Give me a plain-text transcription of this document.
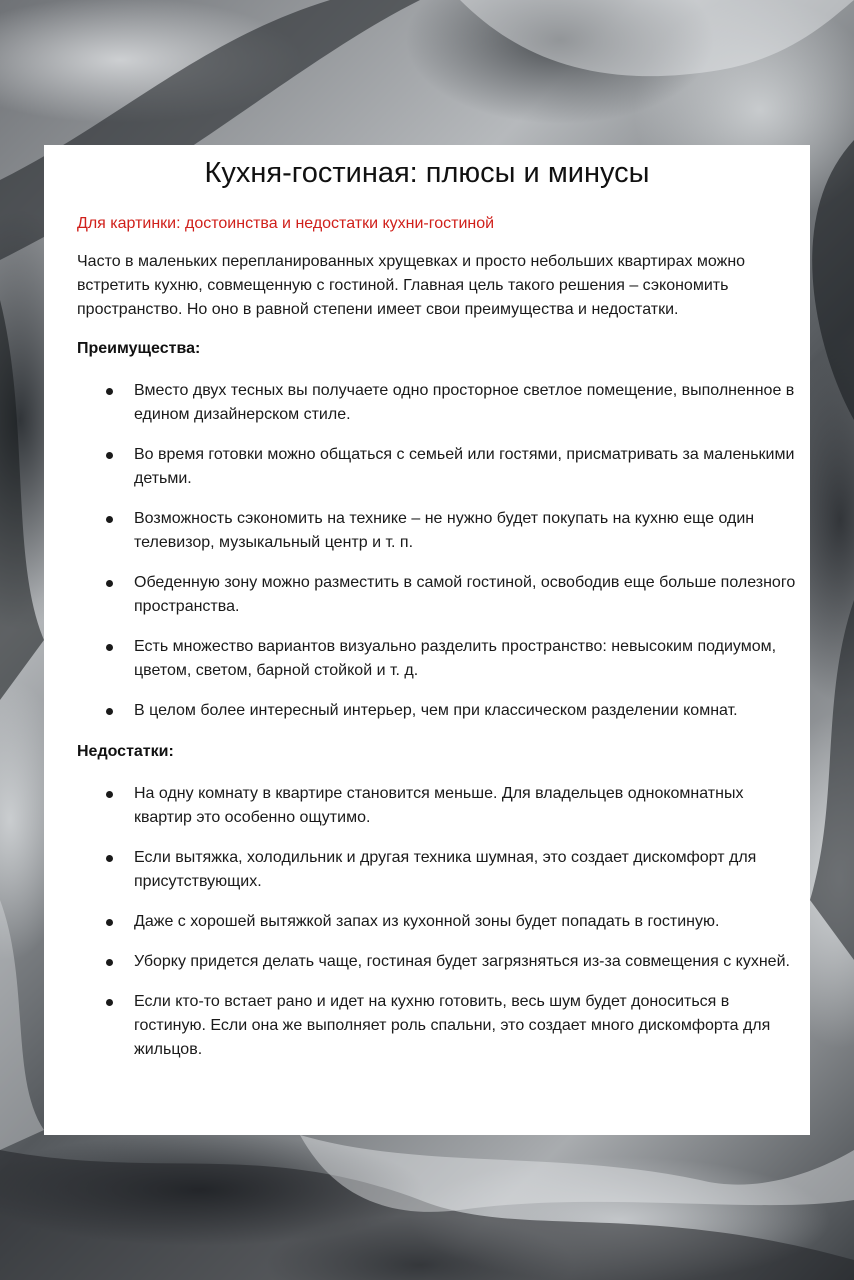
Кухня-гостиная: плюсы и минусы

Для картинки: достоинства и недостатки кухни-гостиной

Часто в маленьких перепланированных хрущевках и просто небольших квартирах можно встретить кухню, совмещенную с гостиной. Главная цель такого решения – сэкономить пространство. Но оно в равной степени имеет свои преимущества и недостатки.

Преимущества:
Вместо двух тесных вы получаете одно просторное светлое помещение, выполненное в едином дизайнерском стиле.
Во время готовки можно общаться с семьей или гостями, присматривать за маленькими детьми.
Возможность сэкономить на технике – не нужно будет покупать на кухню еще один телевизор, музыкальный центр и т. п.
Обеденную зону можно разместить в самой гостиной, освободив еще больше полезного пространства.
Есть множество вариантов визуально разделить пространство: невысоким подиумом, цветом, светом, барной стойкой и т. д.
В целом более интересный интерьер, чем при классическом разделении комнат.
Недостатки:
На одну комнату в квартире становится меньше. Для владельцев однокомнатных квартир это особенно ощутимо.
Если вытяжка, холодильник и другая техника шумная, это создает дискомфорт для присутствующих.
Даже с хорошей вытяжкой запах из кухонной зоны будет попадать в гостиную.
Уборку придется делать чаще, гостиная будет загрязняться из-за совмещения с кухней.
Если кто-то встает рано и идет на кухню готовить, весь шум будет доноситься в гостиную. Если она же выполняет роль спальни, это создает много дискомфорта для жильцов.
